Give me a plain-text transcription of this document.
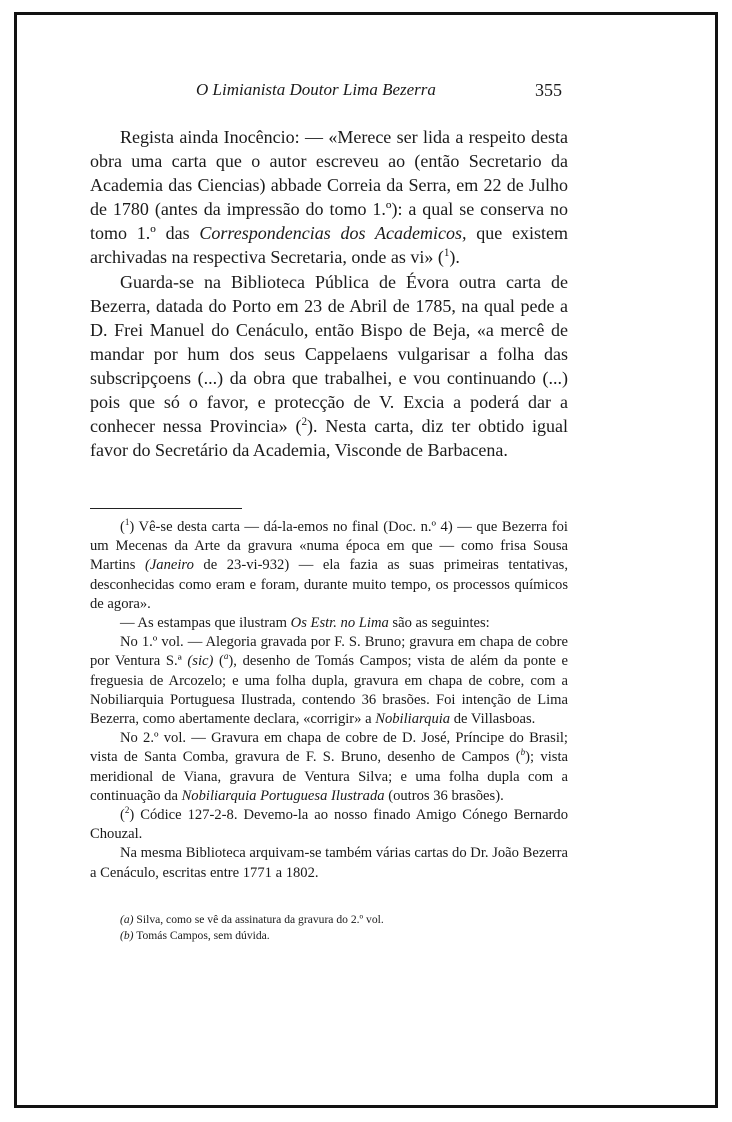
O Limianista Doutor Lima Bezerra	355

Regista ainda Inocêncio: — «Merece ser lida a respeito desta obra uma carta que o autor escreveu ao (então Secretario da Academia das Ciencias) abbade Correia da Serra, em 22 de Julho de 1780 (antes da impressão do tomo 1.º): a qual se conserva no tomo 1.º das Correspondencias dos Academicos, que existem archivadas na respectiva Secretaria, onde as vi» ($^1$).

Guarda-se na Biblioteca Pública de Évora outra carta de Bezerra, datada do Porto em 23 de Abril de 1785, na qual pede a D. Frei Manuel do Cenáculo, então Bispo de Beja, «a mercê de mandar por hum dos seus Cappelaens vulgarisar a folha das subscripçoens (...) da obra que trabalhei, e vou continuando (...) pois que só o favor, e protecção de V. Excia a poderá dar a conhecer nessa Provincia» ($^2$). Nesta carta, diz ter obtido igual favor do Secretário da Academia, Visconde de Barbacena.

($^1$) Vê-se desta carta — dá-la-emos no final (Doc. n.º 4) — que Bezerra foi um Mecenas da Arte da gravura «numa época em que — como frisa Sousa Martins (Janeiro de 23-vi-932) — ela fazia as suas primeiras tentativas, desconhecidas como eram e foram, durante muito tempo, os processos químicos de agora».

— As estampas que ilustram Os Estr. no Lima são as seguintes:

No 1.º vol. — Alegoria gravada por F. S. Bruno; gravura em chapa de cobre por Ventura S.ª (sic) ($^a$), desenho de Tomás Campos; vista de além da ponte e freguesia de Arcozelo; e uma folha dupla, gravura em chapa de cobre, com a Nobiliarquia Portuguesa Ilustrada, contendo 36 brasões. Foi intenção de Lima Bezerra, como abertamente declara, «corrigir» a Nobiliarquia de Villasboas.

No 2.º vol. — Gravura em chapa de cobre de D. José, Príncipe do Brasil; vista de Santa Comba, gravura de F. S. Bruno, desenho de Campos ($^b$); vista meridional de Viana, gravura de Ventura Silva; e uma folha dupla com a continuação da Nobiliarquia Portuguesa Ilustrada (outros 36 brasões).

($^2$) Códice 127-2-8. Devemo-la ao nosso finado Amigo Cónego Bernardo Chouzal.

Na mesma Biblioteca arquivam-se também várias cartas do Dr. João Bezerra a Cenáculo, escritas entre 1771 a 1802.

(a) Silva, como se vê da assinatura da gravura do 2.º vol.

(b) Tomás Campos, sem dúvida.
